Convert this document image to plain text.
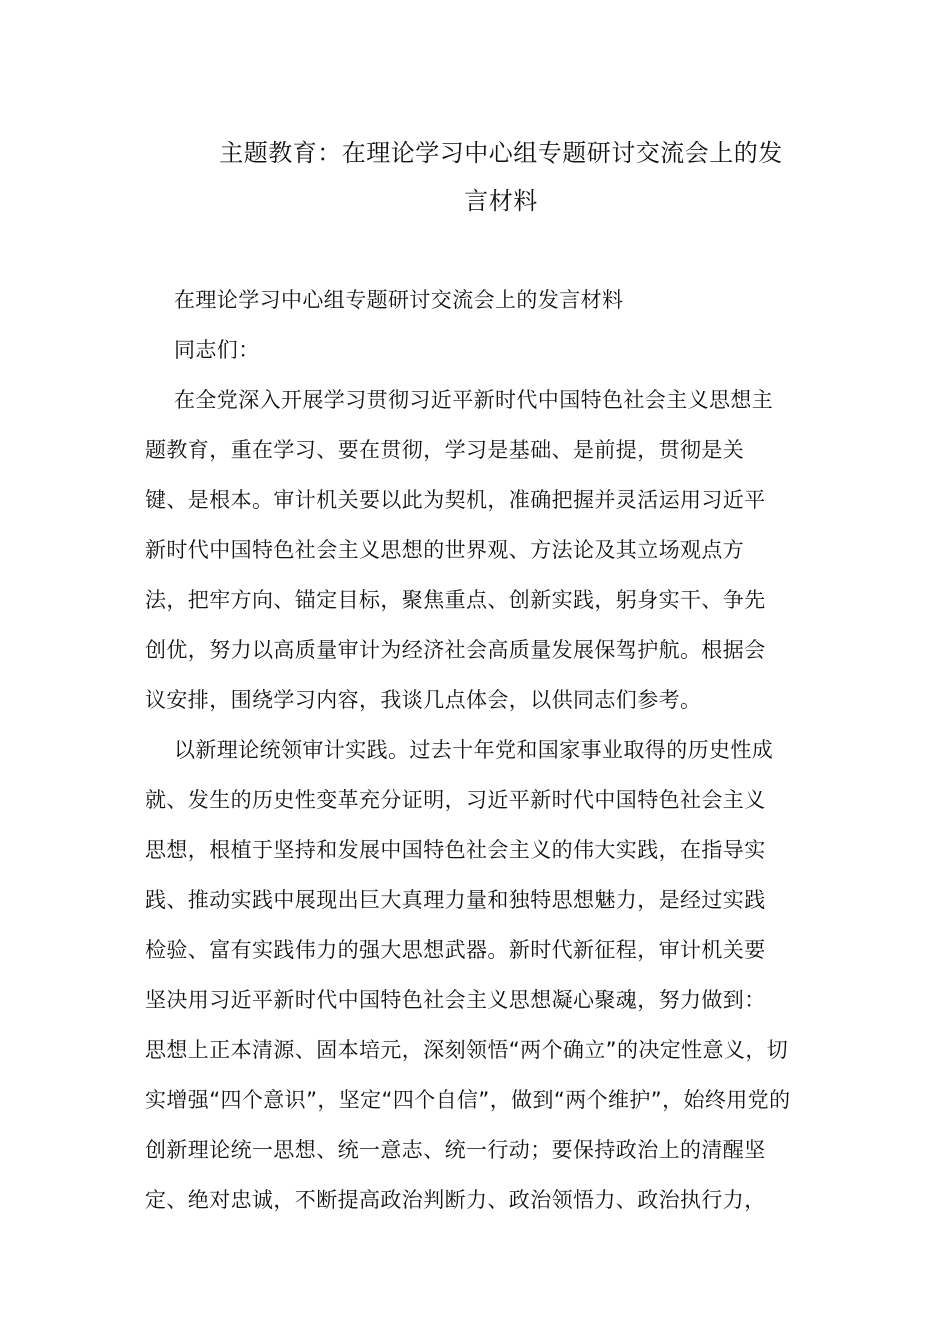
主题教育：在理论学习中心组专题研讨交流会上的发
言材料
在理论学习中心组专题研讨交流会上的发言材料
同志们：
在全党深入开展学习贯彻习近平新时代中国特色社会主义思想主
题教育，重在学习、要在贯彻，学习是基础、是前提，贯彻是关
键、是根本。审计机关要以此为契机，准确把握并灵活运用习近平
新时代中国特色社会主义思想的世界观、方法论及其立场观点方
法，把牢方向、锚定目标，聚焦重点、创新实践，躬身实干、争先
创优，努力以高质量审计为经济社会高质量发展保驾护航。根据会
议安排，围绕学习内容，我谈几点体会，以供同志们参考。
以新理论统领审计实践。过去十年党和国家事业取得的历史性成
就、发生的历史性变革充分证明，习近平新时代中国特色社会主义
思想，根植于坚持和发展中国特色社会主义的伟大实践，在指导实
践、推动实践中展现出巨大真理力量和独特思想魅力，是经过实践
检验、富有实践伟力的强大思想武器。新时代新征程，审计机关要
坚决用习近平新时代中国特色社会主义思想凝心聚魂，努力做到：
思想上正本清源、固本培元，深刻领悟“两个确立”的决定性意义，切
实增强“四个意识”，坚定“四个自信”，做到“两个维护”，始终用党的
创新理论统一思想、统一意志、统一行动；要保持政治上的清醒坚
定、绝对忠诚，不断提高政治判断力、政治领悟力、政治执行力，
